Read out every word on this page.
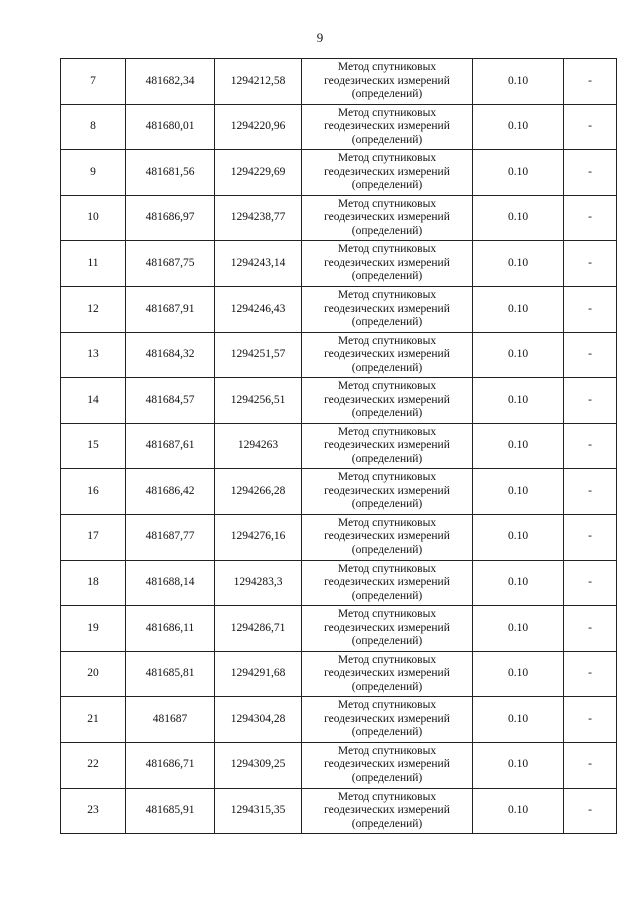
9
7	481682,34	1294212,58	Метод спутниковых
геодезических измерений
(определений)	0.10	-
8	481680,01	1294220,96	Метод спутниковых
геодезических измерений
(определений)	0.10	-
9	481681,56	1294229,69	Метод спутниковых
геодезических измерений
(определений)	0.10	-
10	481686,97	1294238,77	Метод спутниковых
геодезических измерений
(определений)	0.10	-
11	481687,75	1294243,14	Метод спутниковых
геодезических измерений
(определений)	0.10	-
12	481687,91	1294246,43	Метод спутниковых
геодезических измерений
(определений)	0.10	-
13	481684,32	1294251,57	Метод спутниковых
геодезических измерений
(определений)	0.10	-
14	481684,57	1294256,51	Метод спутниковых
геодезических измерений
(определений)	0.10	-
15	481687,61	1294263	Метод спутниковых
геодезических измерений
(определений)	0.10	-
16	481686,42	1294266,28	Метод спутниковых
геодезических измерений
(определений)	0.10	-
17	481687,77	1294276,16	Метод спутниковых
геодезических измерений
(определений)	0.10	-
18	481688,14	1294283,3	Метод спутниковых
геодезических измерений
(определений)	0.10	-
19	481686,11	1294286,71	Метод спутниковых
геодезических измерений
(определений)	0.10	-
20	481685,81	1294291,68	Метод спутниковых
геодезических измерений
(определений)	0.10	-
21	481687	1294304,28	Метод спутниковых
геодезических измерений
(определений)	0.10	-
22	481686,71	1294309,25	Метод спутниковых
геодезических измерений
(определений)	0.10	-
23	481685,91	1294315,35	Метод спутниковых
геодезических измерений
(определений)	0.10	-
